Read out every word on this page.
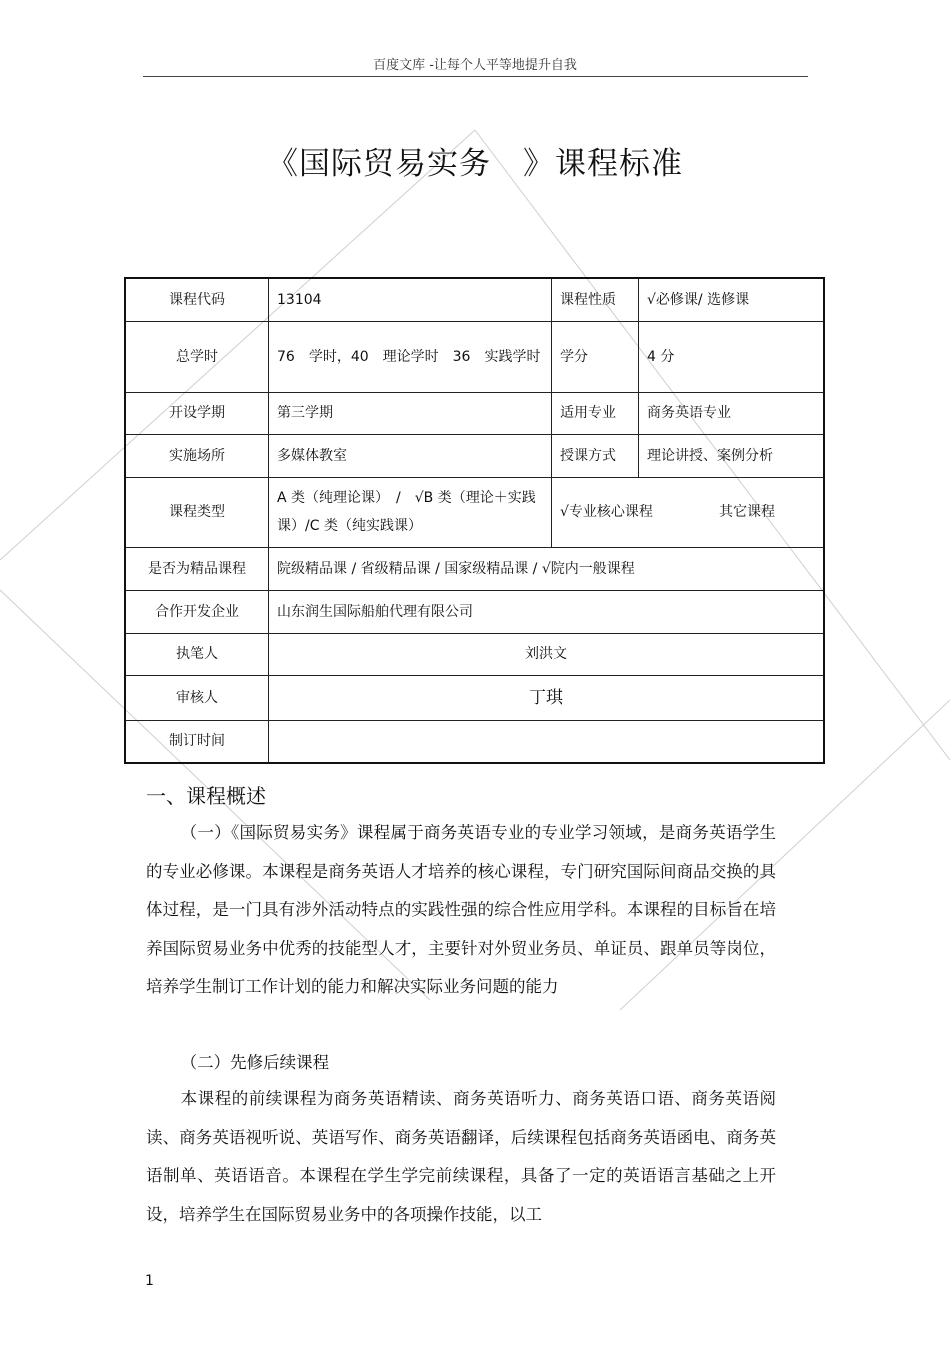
百度文库 -让每个人平等地提升自我
《国际贸易实务　》课程标准
课程代码	13104	课程性质	√必修课/ 选修课
总学时	76　学时，40　理论学时　36　实践学时	学分	4 分
开设学期	第三学期	适用专业	商务英语专业
实施场所	多媒体教室	授课方式	理论讲授、案例分析
课程类型	A 类（纯理论课）　/　√B 类（理论＋实践课）/C 类（纯实践课）	√专业核心课程 其它课程	

是否为精品课程	院级精品课 / 省级精品课 / 国家级精品课 / √院内一般课程		
合作开发企业	山东润生国际船舶代理有限公司		
执笔人	刘洪文		
审核人	丁琪		
制订时间			
一、课程概述
（一）《国际贸易实务》课程属于商务英语专业的专业学习领域，是商务英语学生的专业必修课。本课程是商务英语人才培养的核心课程，专门研究国际间商品交换的具体过程，是一门具有涉外活动特点的实践性强的综合性应用学科。本课程的目标旨在培养国际贸易业务中优秀的技能型人才，主要针对外贸业务员、单证员、跟单员等岗位，培养学生制订工作计划的能力和解决实际业务问题的能力
（二）先修后续课程
本课程的前续课程为商务英语精读、商务英语听力、商务英语口语、商务英语阅读、商务英语视听说、英语写作、商务英语翻译，后续课程包括商务英语函电、商务英语制单、英语语音。本课程在学生学完前续课程，具备了一定的英语语言基础之上开设，培养学生在国际贸易业务中的各项操作技能，以工
1
